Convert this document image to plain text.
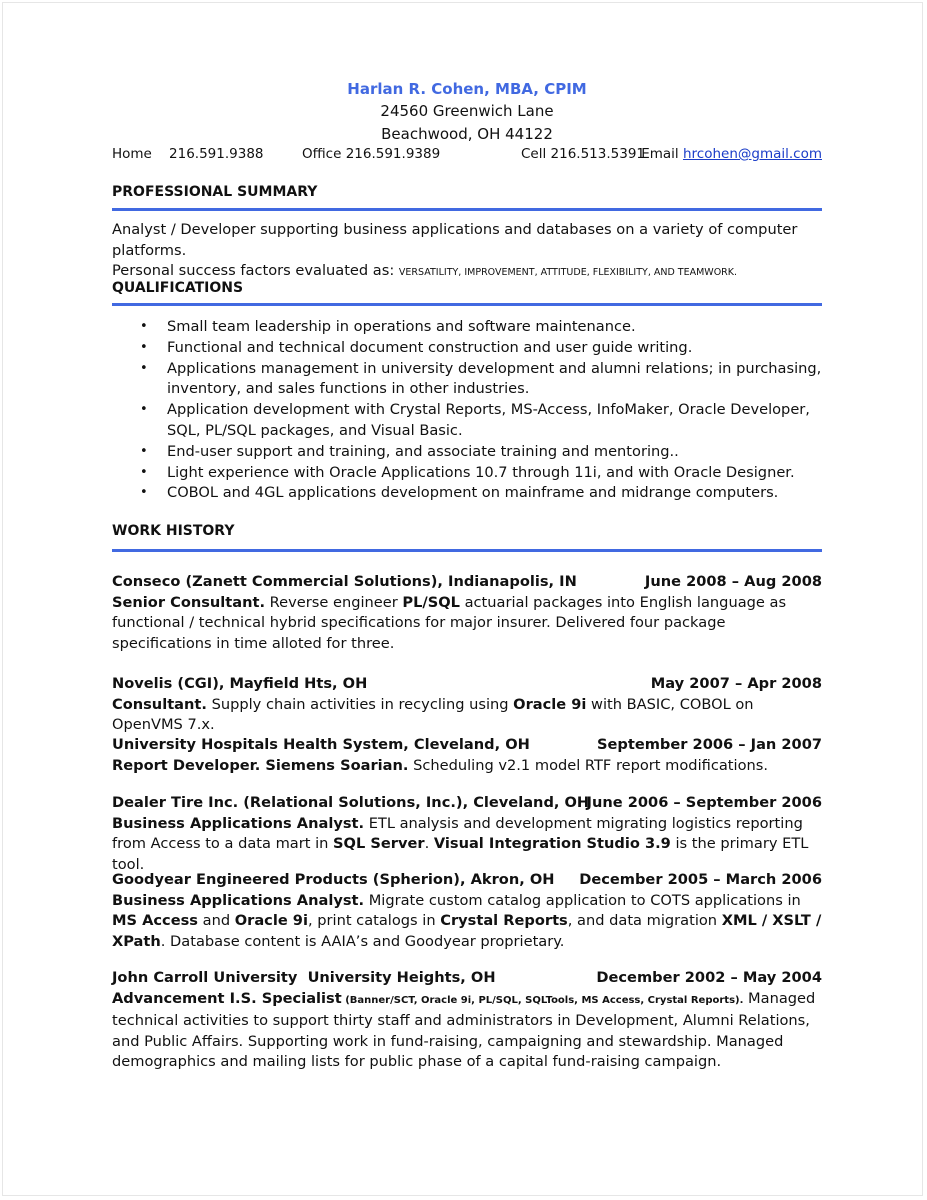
Harlan R. Cohen, MBA, CPIM
24560 Greenwich Lane
Beachwood, OH 44122
Home    216.591.9388	Office 216.591.9389	Cell 216.513.5391
Email hrcohen@gmail.com
PROFESSIONAL SUMMARY
Analyst / Developer supporting business applications and databases on a variety of computer platforms.
Personal success factors evaluated as: VERSATILITY, IMPROVEMENT, ATTITUDE, FLEXIBILITY, AND TEAMWORK.
QUALIFICATIONS
• Small team leadership in operations and software maintenance.
• Functional and technical document construction and user guide writing.
• Applications management in university development and alumni relations; in purchasing, inventory, and sales functions in other industries.
• Application development with Crystal Reports, MS-Access, InfoMaker, Oracle Developer, SQL, PL/SQL packages, and Visual Basic.
• End-user support and training, and associate training and mentoring..
• Light experience with Oracle Applications 10.7 through 11i, and with Oracle Designer.
• COBOL and 4GL applications development on mainframe and midrange computers.
WORK HISTORY
Conseco (Zanett Commercial Solutions), Indianapolis, IN	June 2008 – Aug 2008
Senior Consultant. Reverse engineer PL/SQL actuarial packages into English language as functional / technical hybrid specifications for major insurer. Delivered four package specifications in time alloted for three.
Novelis (CGI), Mayfield Hts, OH	May 2007 – Apr 2008
Consultant. Supply chain activities in recycling using Oracle 9i with BASIC, COBOL on OpenVMS 7.x.
University Hospitals Health System, Cleveland, OH	September 2006 – Jan 2007
Report Developer. Siemens Soarian. Scheduling v2.1 model RTF report modifications.
Dealer Tire Inc. (Relational Solutions, Inc.), Cleveland, OH
June 2006 – September 2006
Business Applications Analyst. ETL analysis and development migrating logistics reporting from Access to a data mart in SQL Server. Visual Integration Studio 3.9 is the primary ETL tool.
Goodyear Engineered Products (Spherion), Akron, OH December 2005 – March 2006
Business Applications Analyst. Migrate custom catalog application to COTS applications in MS Access and Oracle 9i, print catalogs in Crystal Reports, and data migration XML / XSLT / XPath. Database content is AAIA’s and Goodyear proprietary.
John Carroll University  University Heights, OH	December 2002 – May 2004
Advancement I.S. Specialist (Banner/SCT, Oracle 9i, PL/SQL, SQLTools, MS Access, Crystal Reports). Managed technical activities to support thirty staff and administrators in Development, Alumni Relations, and Public Affairs. Supporting work in fund-raising, campaigning and stewardship. Managed demographics and mailing lists for public phase of a capital fund-raising campaign.
